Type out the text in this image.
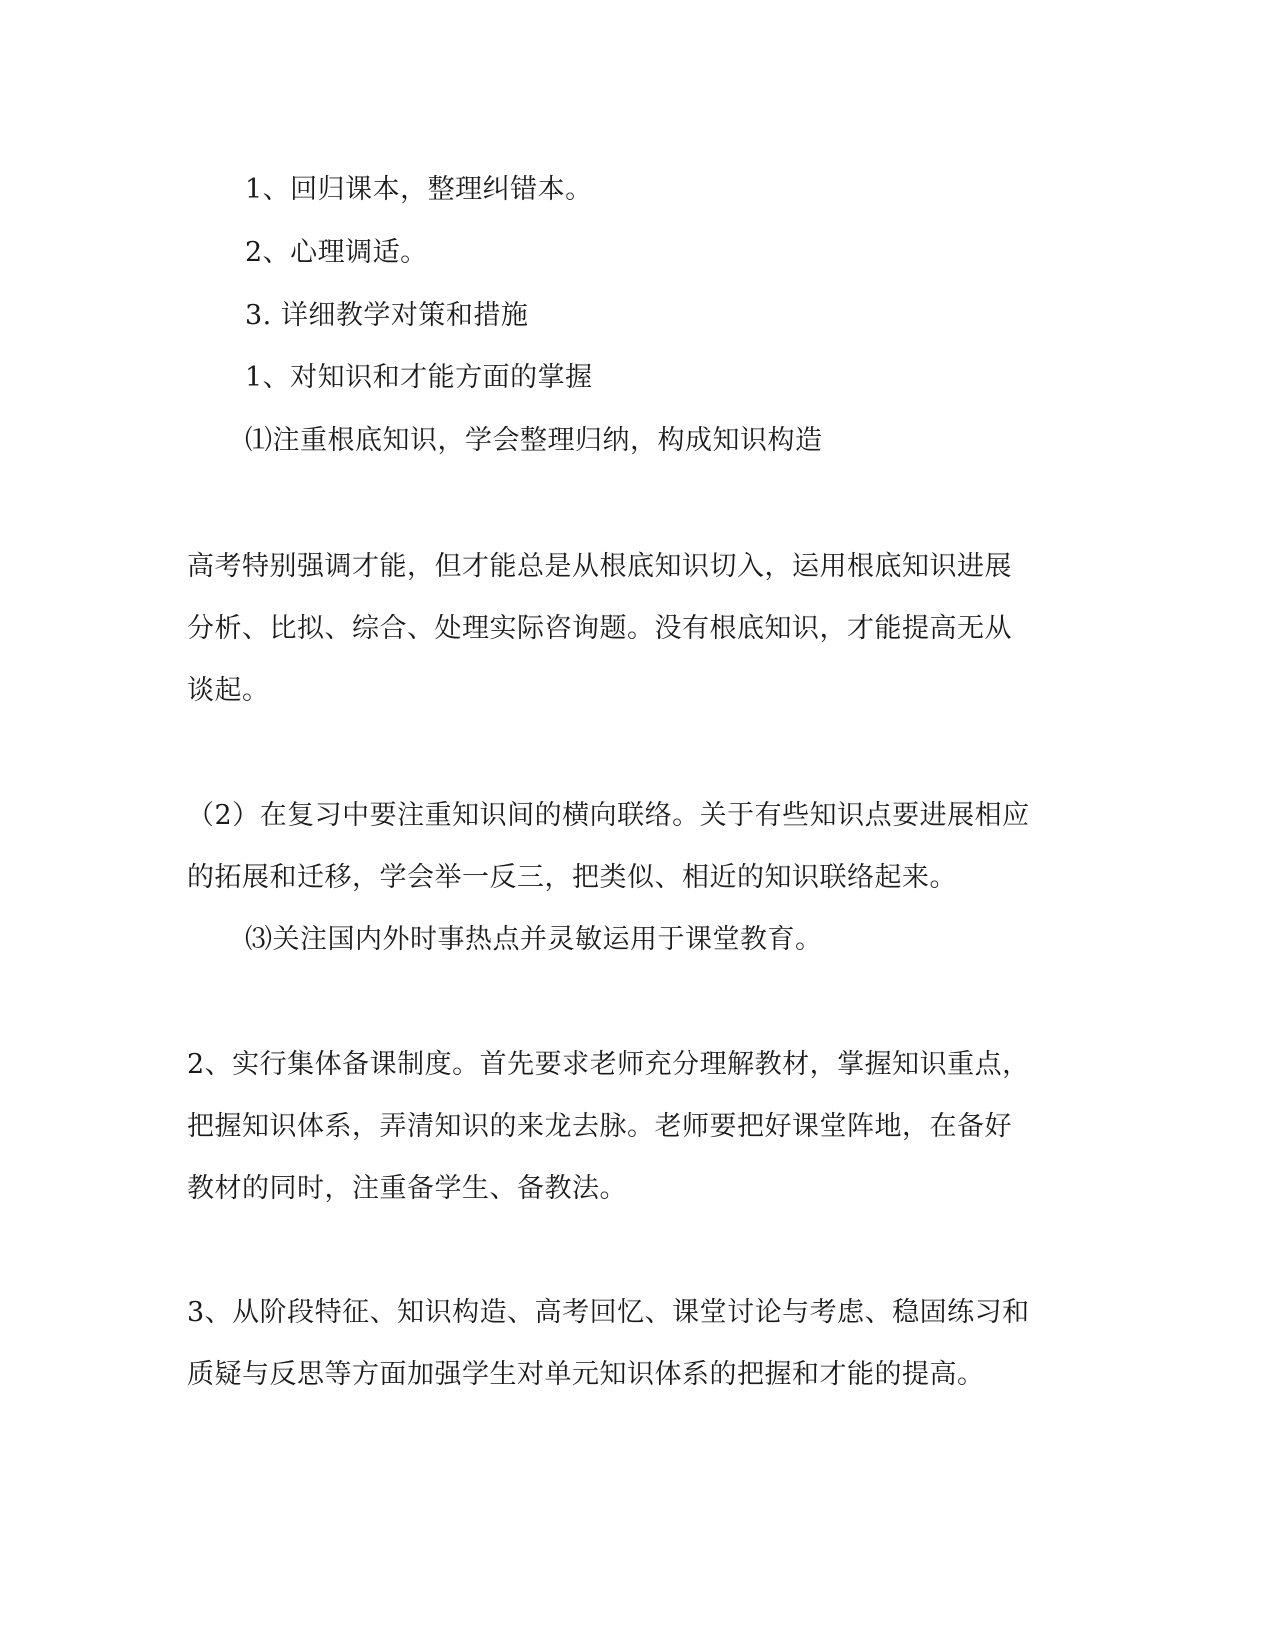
1、回归课本，整理纠错本。
2、心理调适。
3. 详细教学对策和措施
1、对知识和才能方面的掌握
⑴注重根底知识，学会整理归纳，构成知识构造
高考特别强调才能，但才能总是从根底知识切入，运用根底知识进展
分析、比拟、综合、处理实际咨询题。没有根底知识，才能提高无从
谈起。
（2）在复习中要注重知识间的横向联络。关于有些知识点要进展相应
的拓展和迁移，学会举一反三，把类似、相近的知识联络起来。
⑶关注国内外时事热点并灵敏运用于课堂教育。
2、实行集体备课制度。首先要求老师充分理解教材，掌握知识重点，
把握知识体系，弄清知识的来龙去脉。老师要把好课堂阵地，在备好
教材的同时，注重备学生、备教法。
3、从阶段特征、知识构造、高考回忆、课堂讨论与考虑、稳固练习和
质疑与反思等方面加强学生对单元知识体系的把握和才能的提高。
